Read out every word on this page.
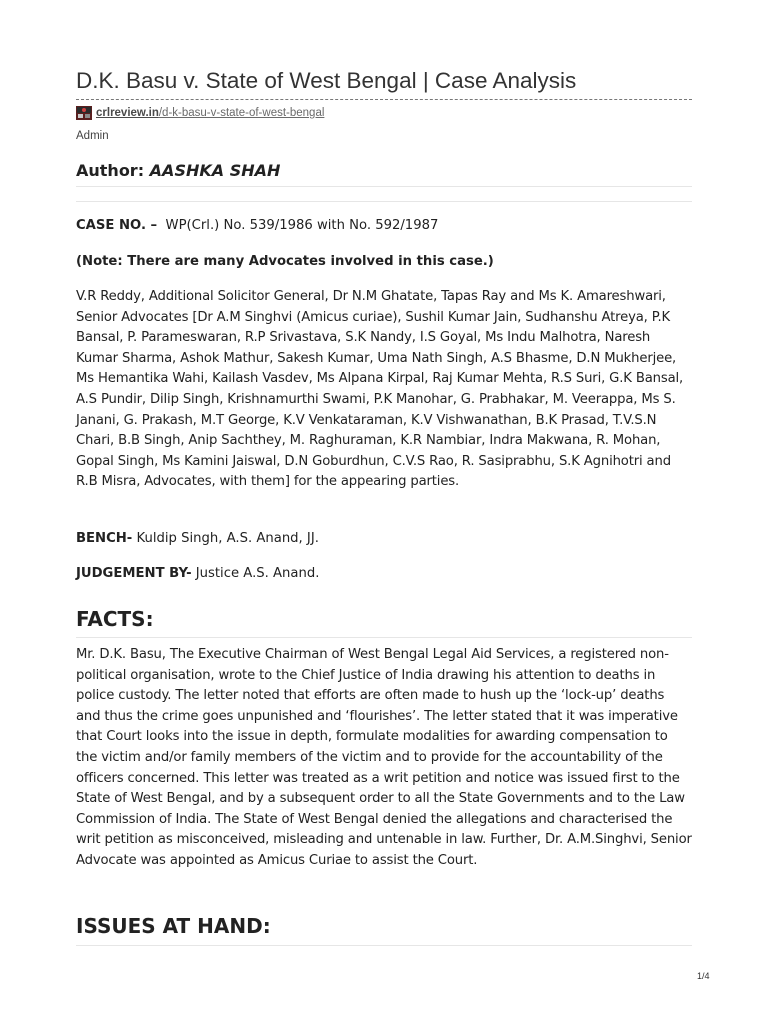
D.K. Basu v. State of West Bengal | Case Analysis
crlreview.in /d-k-basu-v-state-of-west-bengal
Admin
Author: AASHKA SHAH

CASE NO. – WP(Crl.) No. 539/1986 with No. 592/1987

(Note: There are many Advocates involved in this case.)

V.R Reddy, Additional Solicitor General, Dr N.M Ghatate, Tapas Ray and Ms K. Amareshwari, Senior Advocates [Dr A.M Singhvi (Amicus curiae), Sushil Kumar Jain, Sudhanshu Atreya, P.K Bansal, P. Parameswaran, R.P Srivastava, S.K Nandy, I.S Goyal, Ms Indu Malhotra, Naresh Kumar Sharma, Ashok Mathur, Sakesh Kumar, Uma Nath Singh, A.S Bhasme, D.N Mukherjee, Ms Hemantika Wahi, Kailash Vasdev, Ms Alpana Kirpal, Raj Kumar Mehta, R.S Suri, G.K Bansal, A.S Pundir, Dilip Singh, Krishnamurthi Swami, P.K Manohar, G. Prabhakar, M. Veerappa, Ms S. Janani, G. Prakash, M.T George, K.V Venkataraman, K.V Vishwanathan, B.K Prasad, T.V.S.N Chari, B.B Singh, Anip Sachthey, M. Raghuraman, K.R Nambiar, Indra Makwana, R. Mohan, Gopal Singh, Ms Kamini Jaiswal, D.N Goburdhun, C.V.S Rao, R. Sasiprabhu, S.K Agnihotri and R.B Misra, Advocates, with them] for the appearing parties.

BENCH- Kuldip Singh, A.S. Anand, JJ.

JUDGEMENT BY- Justice A.S. Anand.

FACTS:

Mr. D.K. Basu, The Executive Chairman of West Bengal Legal Aid Services, a registered non-political organisation, wrote to the Chief Justice of India drawing his attention to deaths in police custody. The letter noted that efforts are often made to hush up the ‘lock-up’ deaths and thus the crime goes unpunished and ‘flourishes’. The letter stated that it was imperative that Court looks into the issue in depth, formulate modalities for awarding compensation to the victim and/or family members of the victim and to provide for the accountability of the officers concerned. This letter was treated as a writ petition and notice was issued first to the State of West Bengal, and by a subsequent order to all the State Governments and to the Law Commission of India. The State of West Bengal denied the allegations and characterised the writ petition as misconceived, misleading and untenable in law. Further, Dr. A.M.Singhvi, Senior Advocate was appointed as Amicus Curiae to assist the Court.

ISSUES AT HAND:
1/4
